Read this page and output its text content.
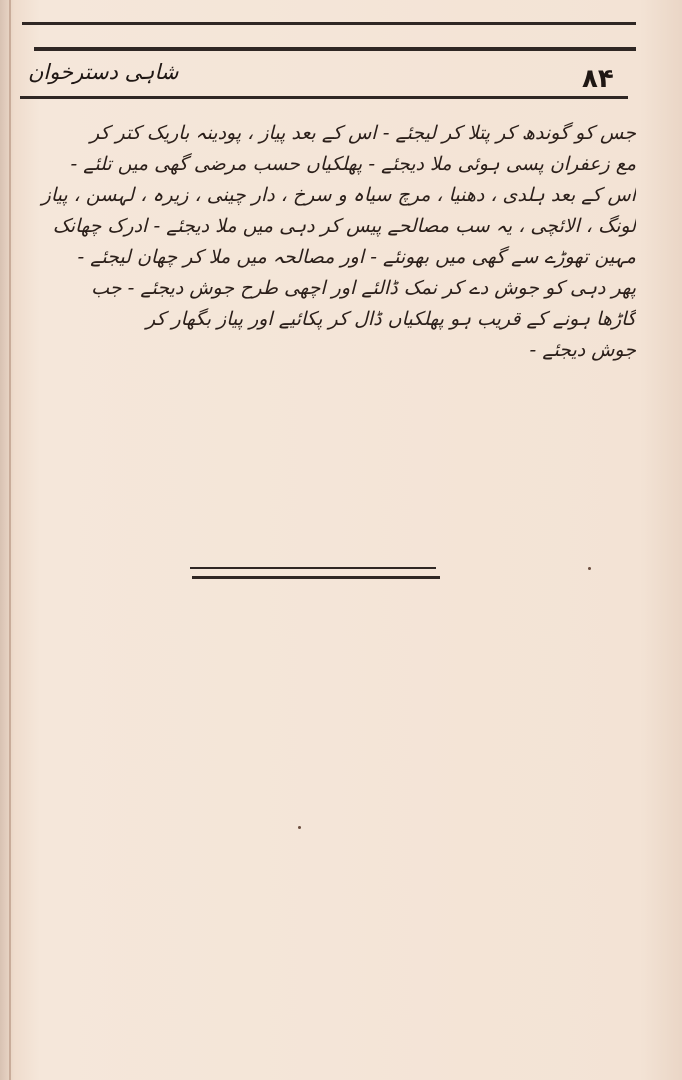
۸۴
شاہی دسترخوان
جس کو گوندھ کر پتلا کر لیجئے - اس کے بعد پیاز ، پودینہ باریک کتر کر
مع زعفران پسی ہوئی ملا دیجئے - پھلکیاں حسب مرضی گھی میں تلئے -
اس کے بعد ہلدی ، دھنیا ، مرچ سیاہ و سرخ ، دار چینی ، زیرہ ، لہسن ، پیاز
لونگ ، الائچی ، یہ سب مصالحے پیس کر دہی میں ملا دیجئے - ادرک چھانک
مہین تھوڑے سے گھی میں بھونئے - اور مصالحہ میں ملا کر چھان لیجئے -
پھر دہی کو جوش دے کر نمک ڈالئے اور اچھی طرح جوش دیجئے - جب
گاڑھا ہونے کے قریب ہو پھلکیاں ڈال کر پکائیے اور پیاز بگھار کر
جوش دیجئے -
